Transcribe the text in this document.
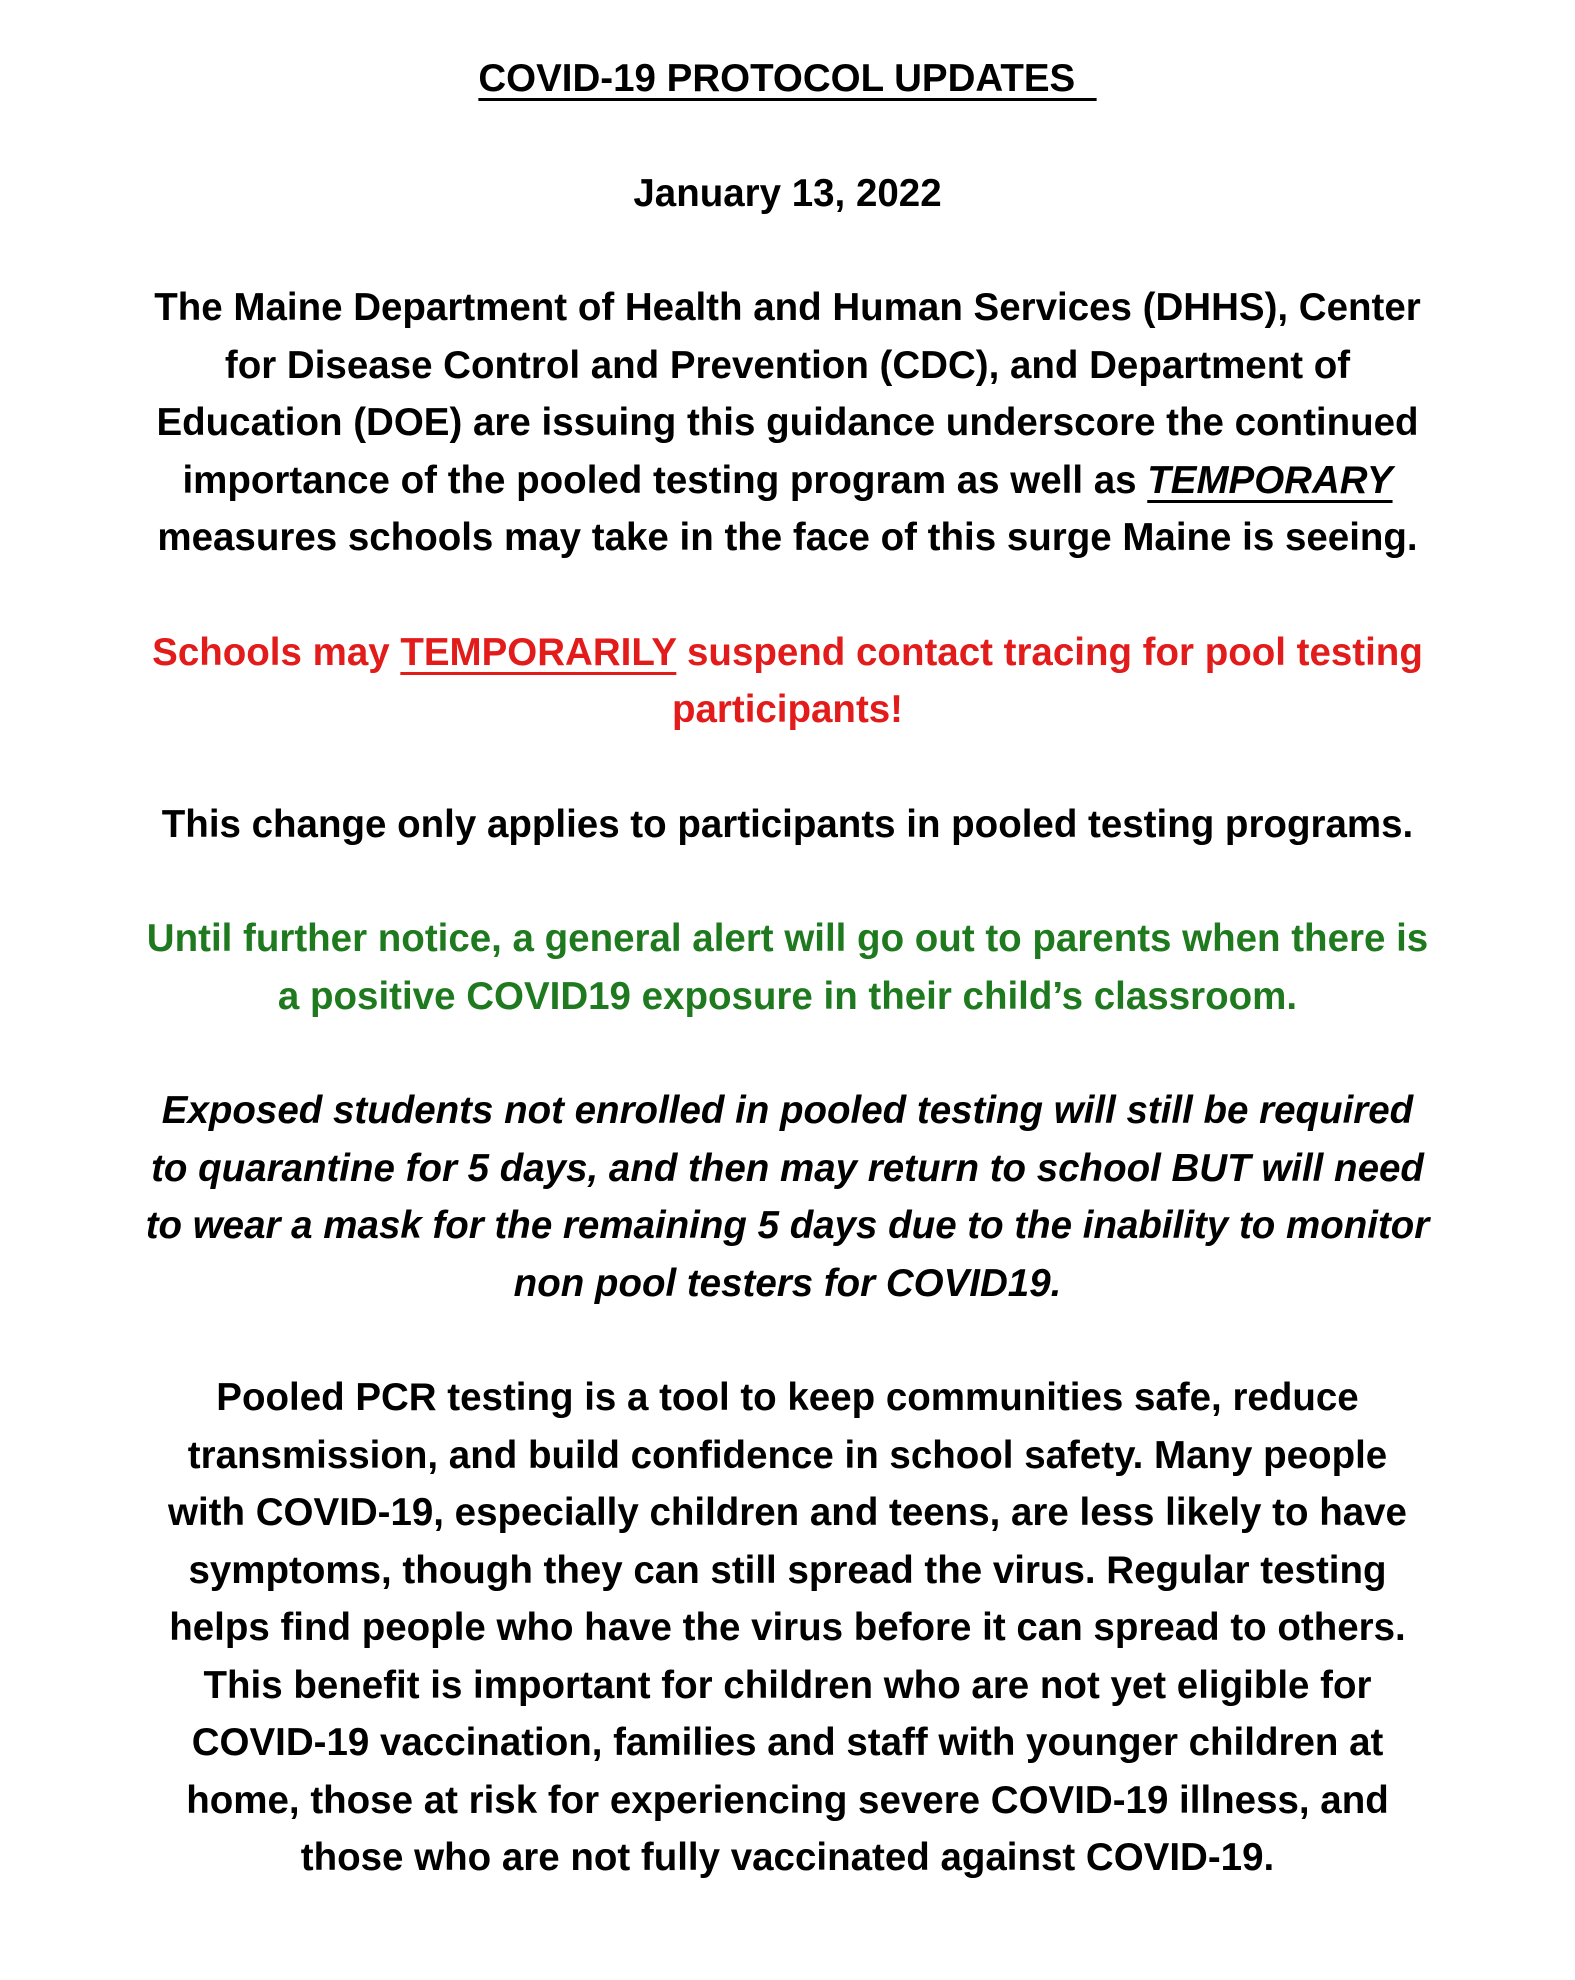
COVID-19 PROTOCOL UPDATES
January 13, 2022
The Maine Department of Health and Human Services (DHHS), Center
for Disease Control and Prevention (CDC), and Department of
Education (DOE) are issuing this guidance underscore the continued
importance of the pooled testing program as well as TEMPORARY
measures schools may take in the face of this surge Maine is seeing.
Schools may TEMPORARILY suspend contact tracing for pool testing
participants!
This change only applies to participants in pooled testing programs.
Until further notice, a general alert will go out to parents when there is
a positive COVID19 exposure in their child’s classroom.
Exposed students not enrolled in pooled testing will still be required
to quarantine for 5 days, and then may return to school BUT will need
to wear a mask for the remaining 5 days due to the inability to monitor
non pool testers for COVID19.
Pooled PCR testing is a tool to keep communities safe, reduce
transmission, and build confidence in school safety. Many people
with COVID-19, especially children and teens, are less likely to have
symptoms, though they can still spread the virus. Regular testing
helps find people who have the virus before it can spread to others.
This benefit is important for children who are not yet eligible for
COVID-19 vaccination, families and staff with younger children at
home, those at risk for experiencing severe COVID-19 illness, and
those who are not fully vaccinated against COVID-19.
